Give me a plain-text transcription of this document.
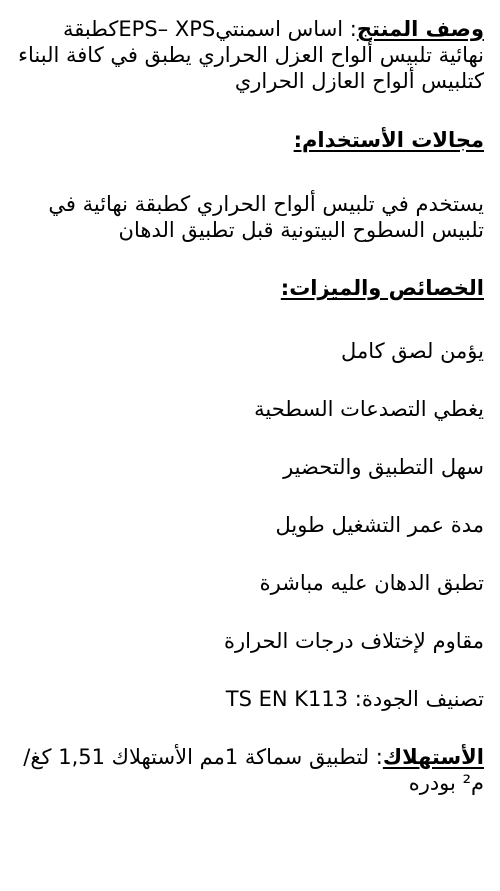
وصف المنتج: اساس اسمنتيEPS– XPSكطبقة نهائية تلبيس ألواح العزل الحراري يطبق في كافة البناء كتلبيس ألواح العازل الحراري

مجالات الأستخدام:

يستخدم في تلبيس ألواح الحراري كطبقة نهائية في تلبيس السطوح البيتونية قبل تطبيق الدهان

الخصائص والميزات:

يؤمن لصق كامل

يغطي التصدعات السطحية

سهل التطبيق والتحضير

مدة عمر التشغيل طويل

تطبق الدهان عليه مباشرة

مقاوم لإختلاف درجات الحرارة

تصنيف الجودة: TS EN K113

الأستهلاك: لتطبيق سماكة 1مم الأستهلاك 1,51 كغ/م² بودره
